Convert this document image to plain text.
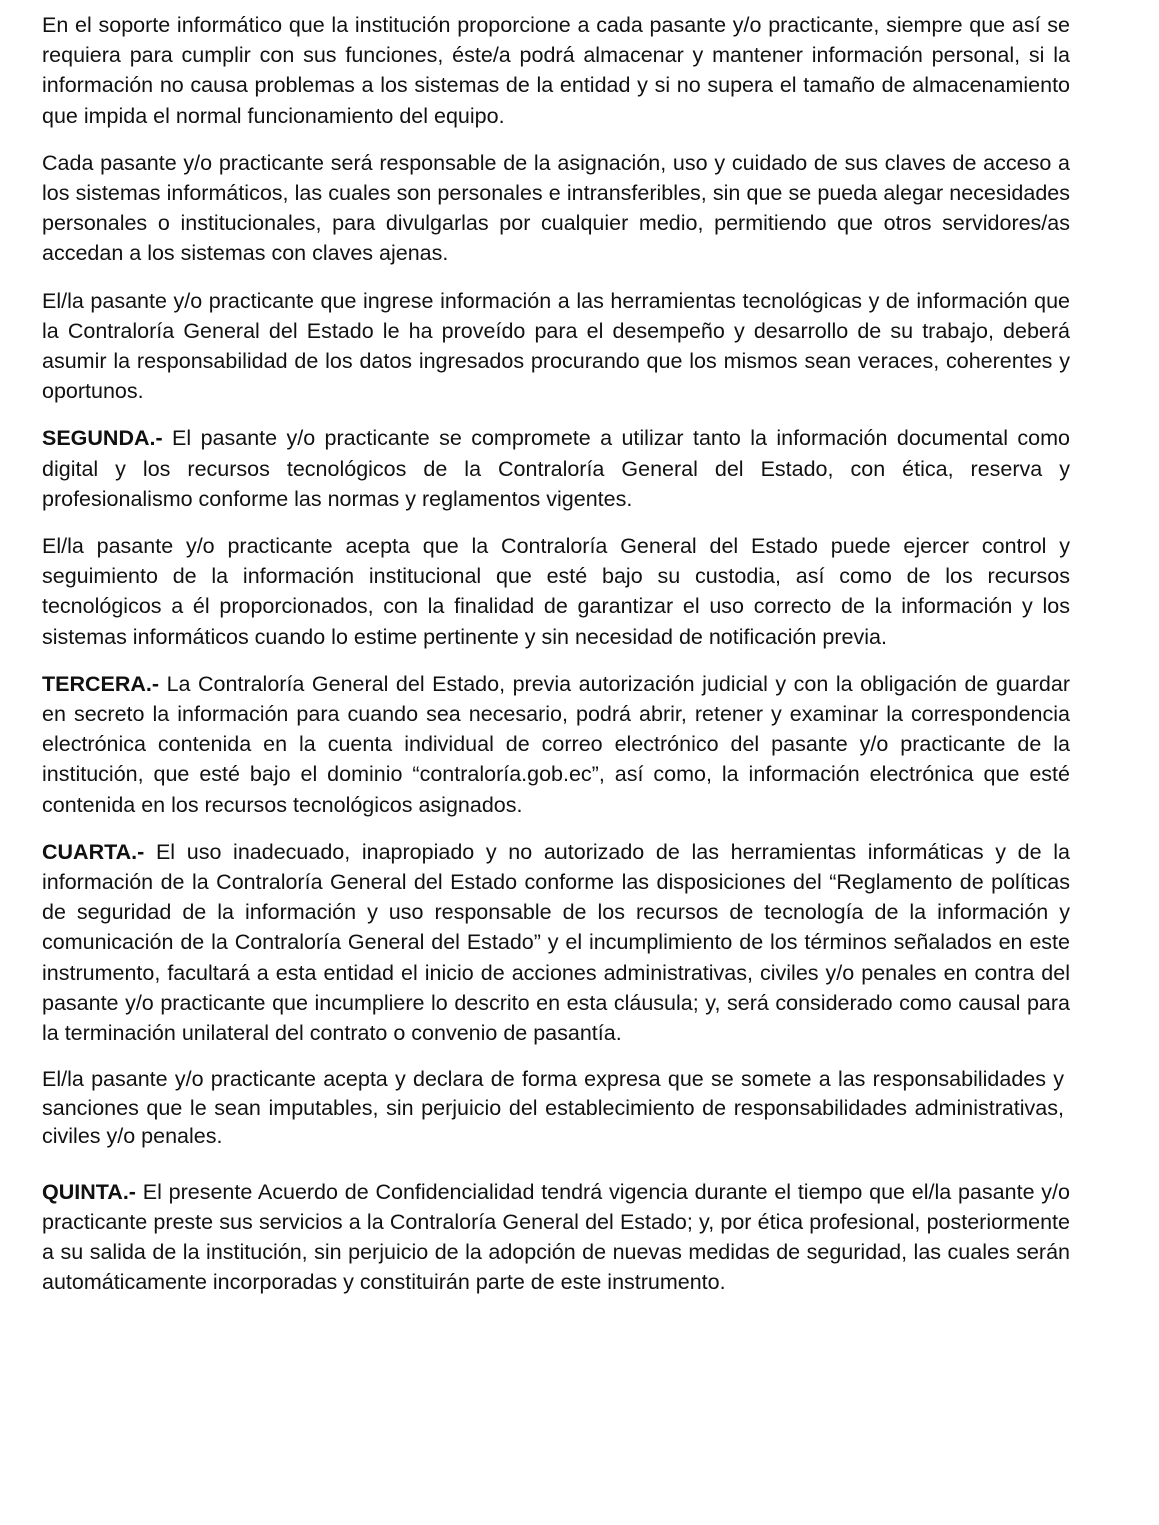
En el soporte informático que la institución proporcione a cada pasante y/o practicante, siempre que así se requiera para cumplir con sus funciones, éste/a podrá almacenar y mantener información personal, si la información no causa problemas a los sistemas de la entidad y si no supera el tamaño de almacenamiento que impida el normal funcionamiento del equipo.

Cada pasante y/o practicante será responsable de la asignación, uso y cuidado de sus claves de acceso a los sistemas informáticos, las cuales son personales e intransferibles, sin que se pueda alegar necesidades personales o institucionales, para divulgarlas por cualquier medio, permitiendo que otros servidores/as accedan a los sistemas con claves ajenas.

El/la pasante y/o practicante que ingrese información a las herramientas tecnológicas y de información que la Contraloría General del Estado le ha proveído para el desempeño y desarrollo de su trabajo, deberá asumir la responsabilidad de los datos ingresados procurando que los mismos sean veraces, coherentes y oportunos.

SEGUNDA.- El pasante y/o practicante se compromete a utilizar tanto la información documental como digital y los recursos tecnológicos de la Contraloría General del Estado, con ética, reserva y profesionalismo conforme las normas y reglamentos vigentes.

El/la pasante y/o practicante acepta que la Contraloría General del Estado puede ejercer control y seguimiento de la información institucional que esté bajo su custodia, así como de los recursos tecnológicos a él proporcionados, con la finalidad de garantizar el uso correcto de la información y los sistemas informáticos cuando lo estime pertinente y sin necesidad de notificación previa.

TERCERA.- La Contraloría General del Estado, previa autorización judicial y con la obligación de guardar en secreto la información para cuando sea necesario, podrá abrir, retener y examinar la correspondencia electrónica contenida en la cuenta individual de correo electrónico del pasante y/o practicante de la institución, que esté bajo el dominio “contraloría.gob.ec”, así como, la información electrónica que esté contenida en los recursos tecnológicos asignados.

CUARTA.- El uso inadecuado, inapropiado y no autorizado de las herramientas informáticas y de la información de la Contraloría General del Estado conforme las disposiciones del “Reglamento de políticas de seguridad de la información y uso responsable de los recursos de tecnología de la información y comunicación de la Contraloría General del Estado” y el incumplimiento de los términos señalados en este instrumento, facultará a esta entidad el inicio de acciones administrativas, civiles y/o penales en contra del pasante y/o practicante que incumpliere lo descrito en esta cláusula; y, será considerado como causal para la terminación unilateral del contrato o convenio de pasantía.

El/la pasante y/o practicante acepta y declara de forma expresa que se somete a las responsabilidades y sanciones que le sean imputables, sin perjuicio del establecimiento de responsabilidades administrativas, civiles y/o penales.

QUINTA.- El presente Acuerdo de Confidencialidad tendrá vigencia durante el tiempo que el/la pasante y/o practicante preste sus servicios a la Contraloría General del Estado; y, por ética profesional, posteriormente a su salida de la institución, sin perjuicio de la adopción de nuevas medidas de seguridad, las cuales serán automáticamente incorporadas y constituirán parte de este instrumento.
